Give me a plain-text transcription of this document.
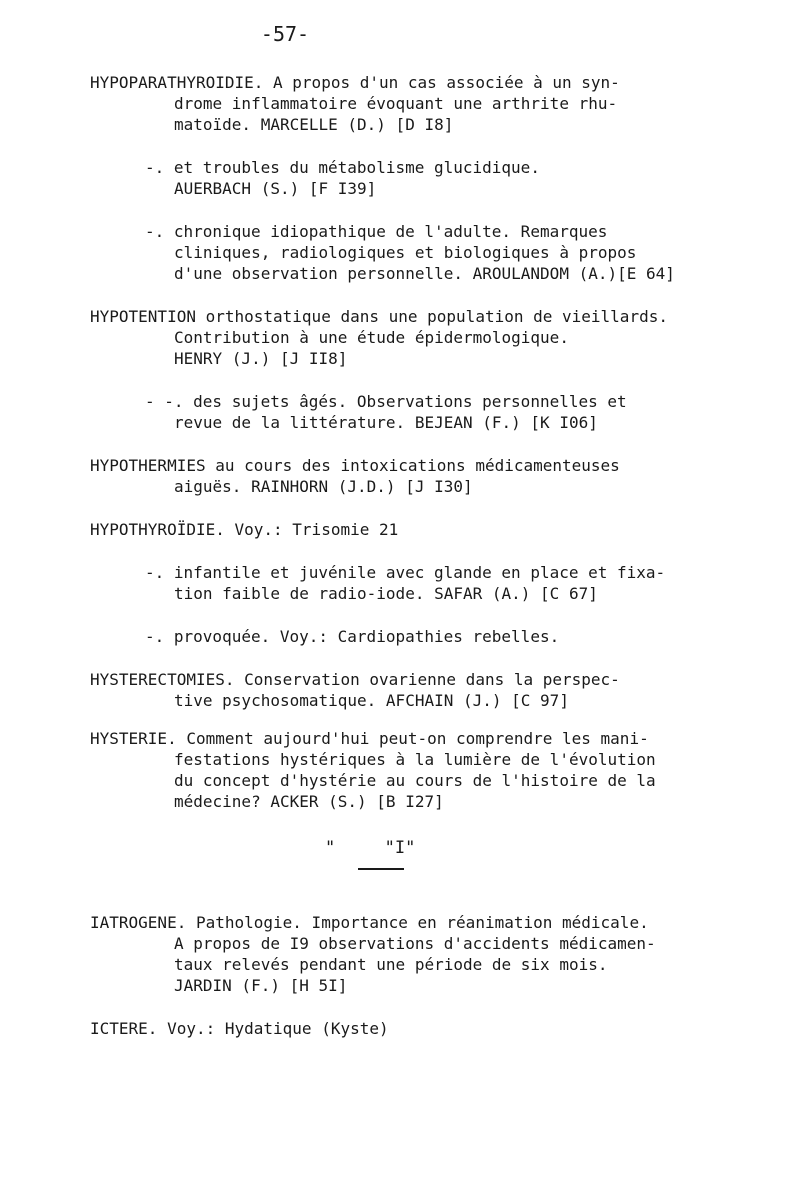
-57-
HYPOPARATHYROIDIE. A propos d'un cas associée à un syn-
drome inflammatoire évoquant une arthrite rhu-
matoïde. MARCELLE (D.) [D I8]
-. et troubles du métabolisme glucidique.
AUERBACH (S.) [F I39]
-. chronique idiopathique de l'adulte. Remarques
cliniques, radiologiques et biologiques à propos
d'une observation personnelle. AROULANDOM (A.)[E 64]
HYPOTENTION orthostatique dans une population de vieillards.
Contribution à une étude épidermologique.
HENRY (J.) [J II8]
- -. des sujets âgés. Observations personnelles et
revue de la littérature. BEJEAN (F.) [K I06]
HYPOTHERMIES au cours des intoxications médicamenteuses
aiguës. RAINHORN (J.D.) [J I30]
HYPOTHYROÏDIE. Voy.: Trisomie 21
-. infantile et juvénile avec glande en place et fixa-
tion faible de radio-iode. SAFAR (A.) [C 67]
-. provoquée. Voy.: Cardiopathies rebelles.
HYSTERECTOMIES. Conservation ovarienne dans la perspec-
tive psychosomatique. AFCHAIN (J.) [C 97]
HYSTERIE. Comment aujourd'hui peut-on comprendre les mani-
festations hystériques à la lumière de l'évolution
du concept d'hystérie au cours de l'histoire de la
médecine? ACKER (S.) [B I27]
"	"I"
IATROGENE. Pathologie. Importance en réanimation médicale.
A propos de I9 observations d'accidents médicamen-
taux relevés pendant une période de six mois.
JARDIN (F.) [H 5I]
ICTERE. Voy.: Hydatique (Kyste)
